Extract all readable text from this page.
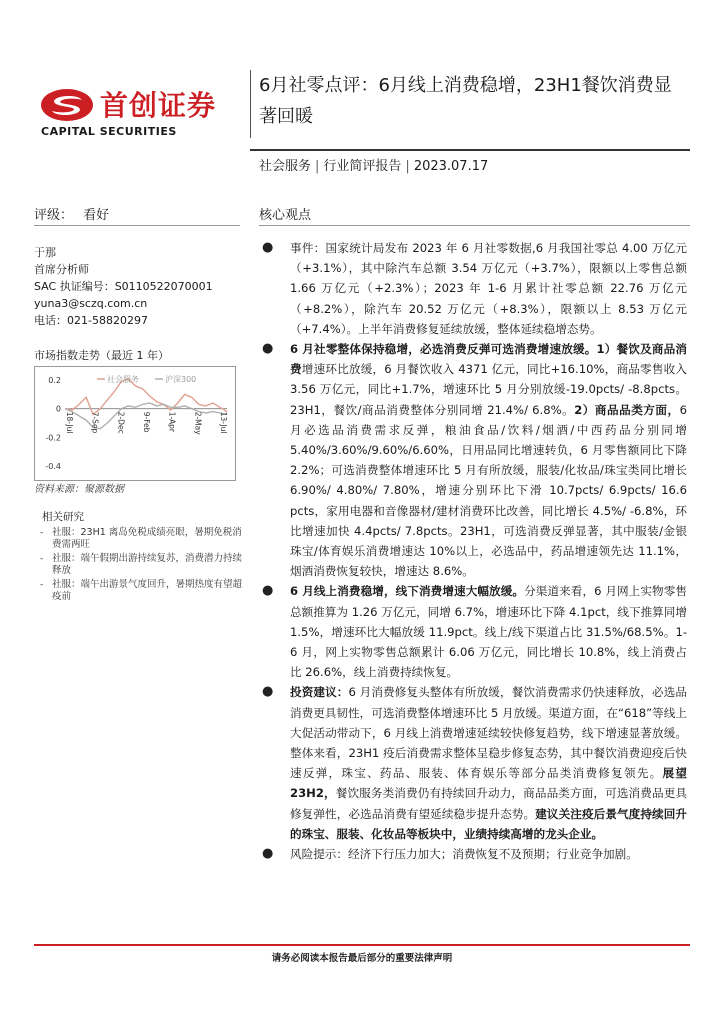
首创证券
CAPITAL SECURITIES
6月社零点评：6月线上消费稳增，23H1餐饮消费显著回暖
社会服务 | 行业简评报告 | 2023.07.17
评级： 看好	核心观点
于那
首席分析师
SAC 执证编号：S0110522070001
yuna3@sczq.com.cn
电话：021-58820297
市场指数走势（最近 1 年）
0.2
0
-0.2
-0.4
社会服务	沪深300
18-Jul 7-Sep 2-Dec 9-Feb 1-Apr 2-May 13-Jul
资料来源：聚源数据
相关研究
- 社服：23H1 离岛免税成绩亮眼，暑期免税消费需两旺
- 社服：端午假期出游持续复苏，消费潜力持续释放
- 社服：端午出游景气度回升，暑期热度有望超疫前

● 事件：国家统计局发布 2023 年 6 月社零数据,6 月我国社零总 4.00 万亿元（+3.1%），其中除汽车总额 3.54 万亿元（+3.7%），限额以上零售总额 1.66 万亿元（+2.3%）；2023 年 1-6 月累计社零总额 22.76 万亿元（+8.2%），除汽车 20.52 万亿元（+8.3%），限额以上 8.53 万亿元（+7.4%）。上半年消费修复延续放缓，整体延续稳增态势。

● 6 月社零整体保持稳增，必选消费反弹可选消费增速放缓。1）餐饮及商品消费增速环比放缓，6 月餐饮收入 4371 亿元，同比+16.10%，商品零售收入 3.56 万亿元，同比+1.7%，增速环比 5 月分别放缓-19.0pcts/ -8.8pcts。23H1，餐饮/商品消费整体分别同增 21.4%/ 6.8%。2）商品品类方面，6 月必选品消费需求反弹，粮油食品/饮料/烟酒/中西药品分别同增 5.40%/3.60%/9.60%/6.60%，日用品同比增速转负，6 月零售额同比下降 2.2%；可选消费整体增速环比 5 月有所放缓，服装/化妆品/珠宝类同比增长 6.90%/ 4.80%/ 7.80%，增速分别环比下滑 10.7pcts/ 6.9pcts/ 16.6 pcts，家用电器和音像器材/建材消费环比改善，同比增长 4.5%/ -6.8%，环比增速加快 4.4pcts/ 7.8pcts。23H1，可选消费反弹显著，其中服装/金银珠宝/体育娱乐消费增速达 10%以上，必选品中，药品增速领先达 11.1%，烟酒消费恢复较快，增速达 8.6%。

● 6 月线上消费稳增，线下消费增速大幅放缓。分渠道来看，6 月网上实物零售总额推算为 1.26 万亿元，同增 6.7%，增速环比下降 4.1pct，线下推算同增 1.5%，增速环比大幅放缓 11.9pct。线上/线下渠道占比 31.5%/68.5%。1-6 月，网上实物零售总额累计 6.06 万亿元，同比增长 10.8%，线上消费占比 26.6%，线上消费持续恢复。

● 投资建议：6 月消费修复头整体有所放缓，餐饮消费需求仍快速释放，必选品消费更具韧性，可选消费整体增速环比 5 月放缓。渠道方面，在“618”等线上大促活动带动下，6 月线上消费增速延续较快修复趋势，线下增速显著放缓。整体来看，23H1 疫后消费需求整体呈稳步修复态势，其中餐饮消费迎疫后快速反弹，珠宝、药品、服装、体育娱乐等部分品类消费修复领先。展望 23H2，餐饮服务类消费仍有持续回升动力，商品品类方面，可选消费品更具修复弹性，必选品消费有望延续稳步提升态势。建议关注疫后景气度持续回升的珠宝、服装、化妆品等板块中，业绩持续高增的龙头企业。

● 风险提示：经济下行压力加大；消费恢复不及预期；行业竞争加剧。

请务必阅读本报告最后部分的重要法律声明
